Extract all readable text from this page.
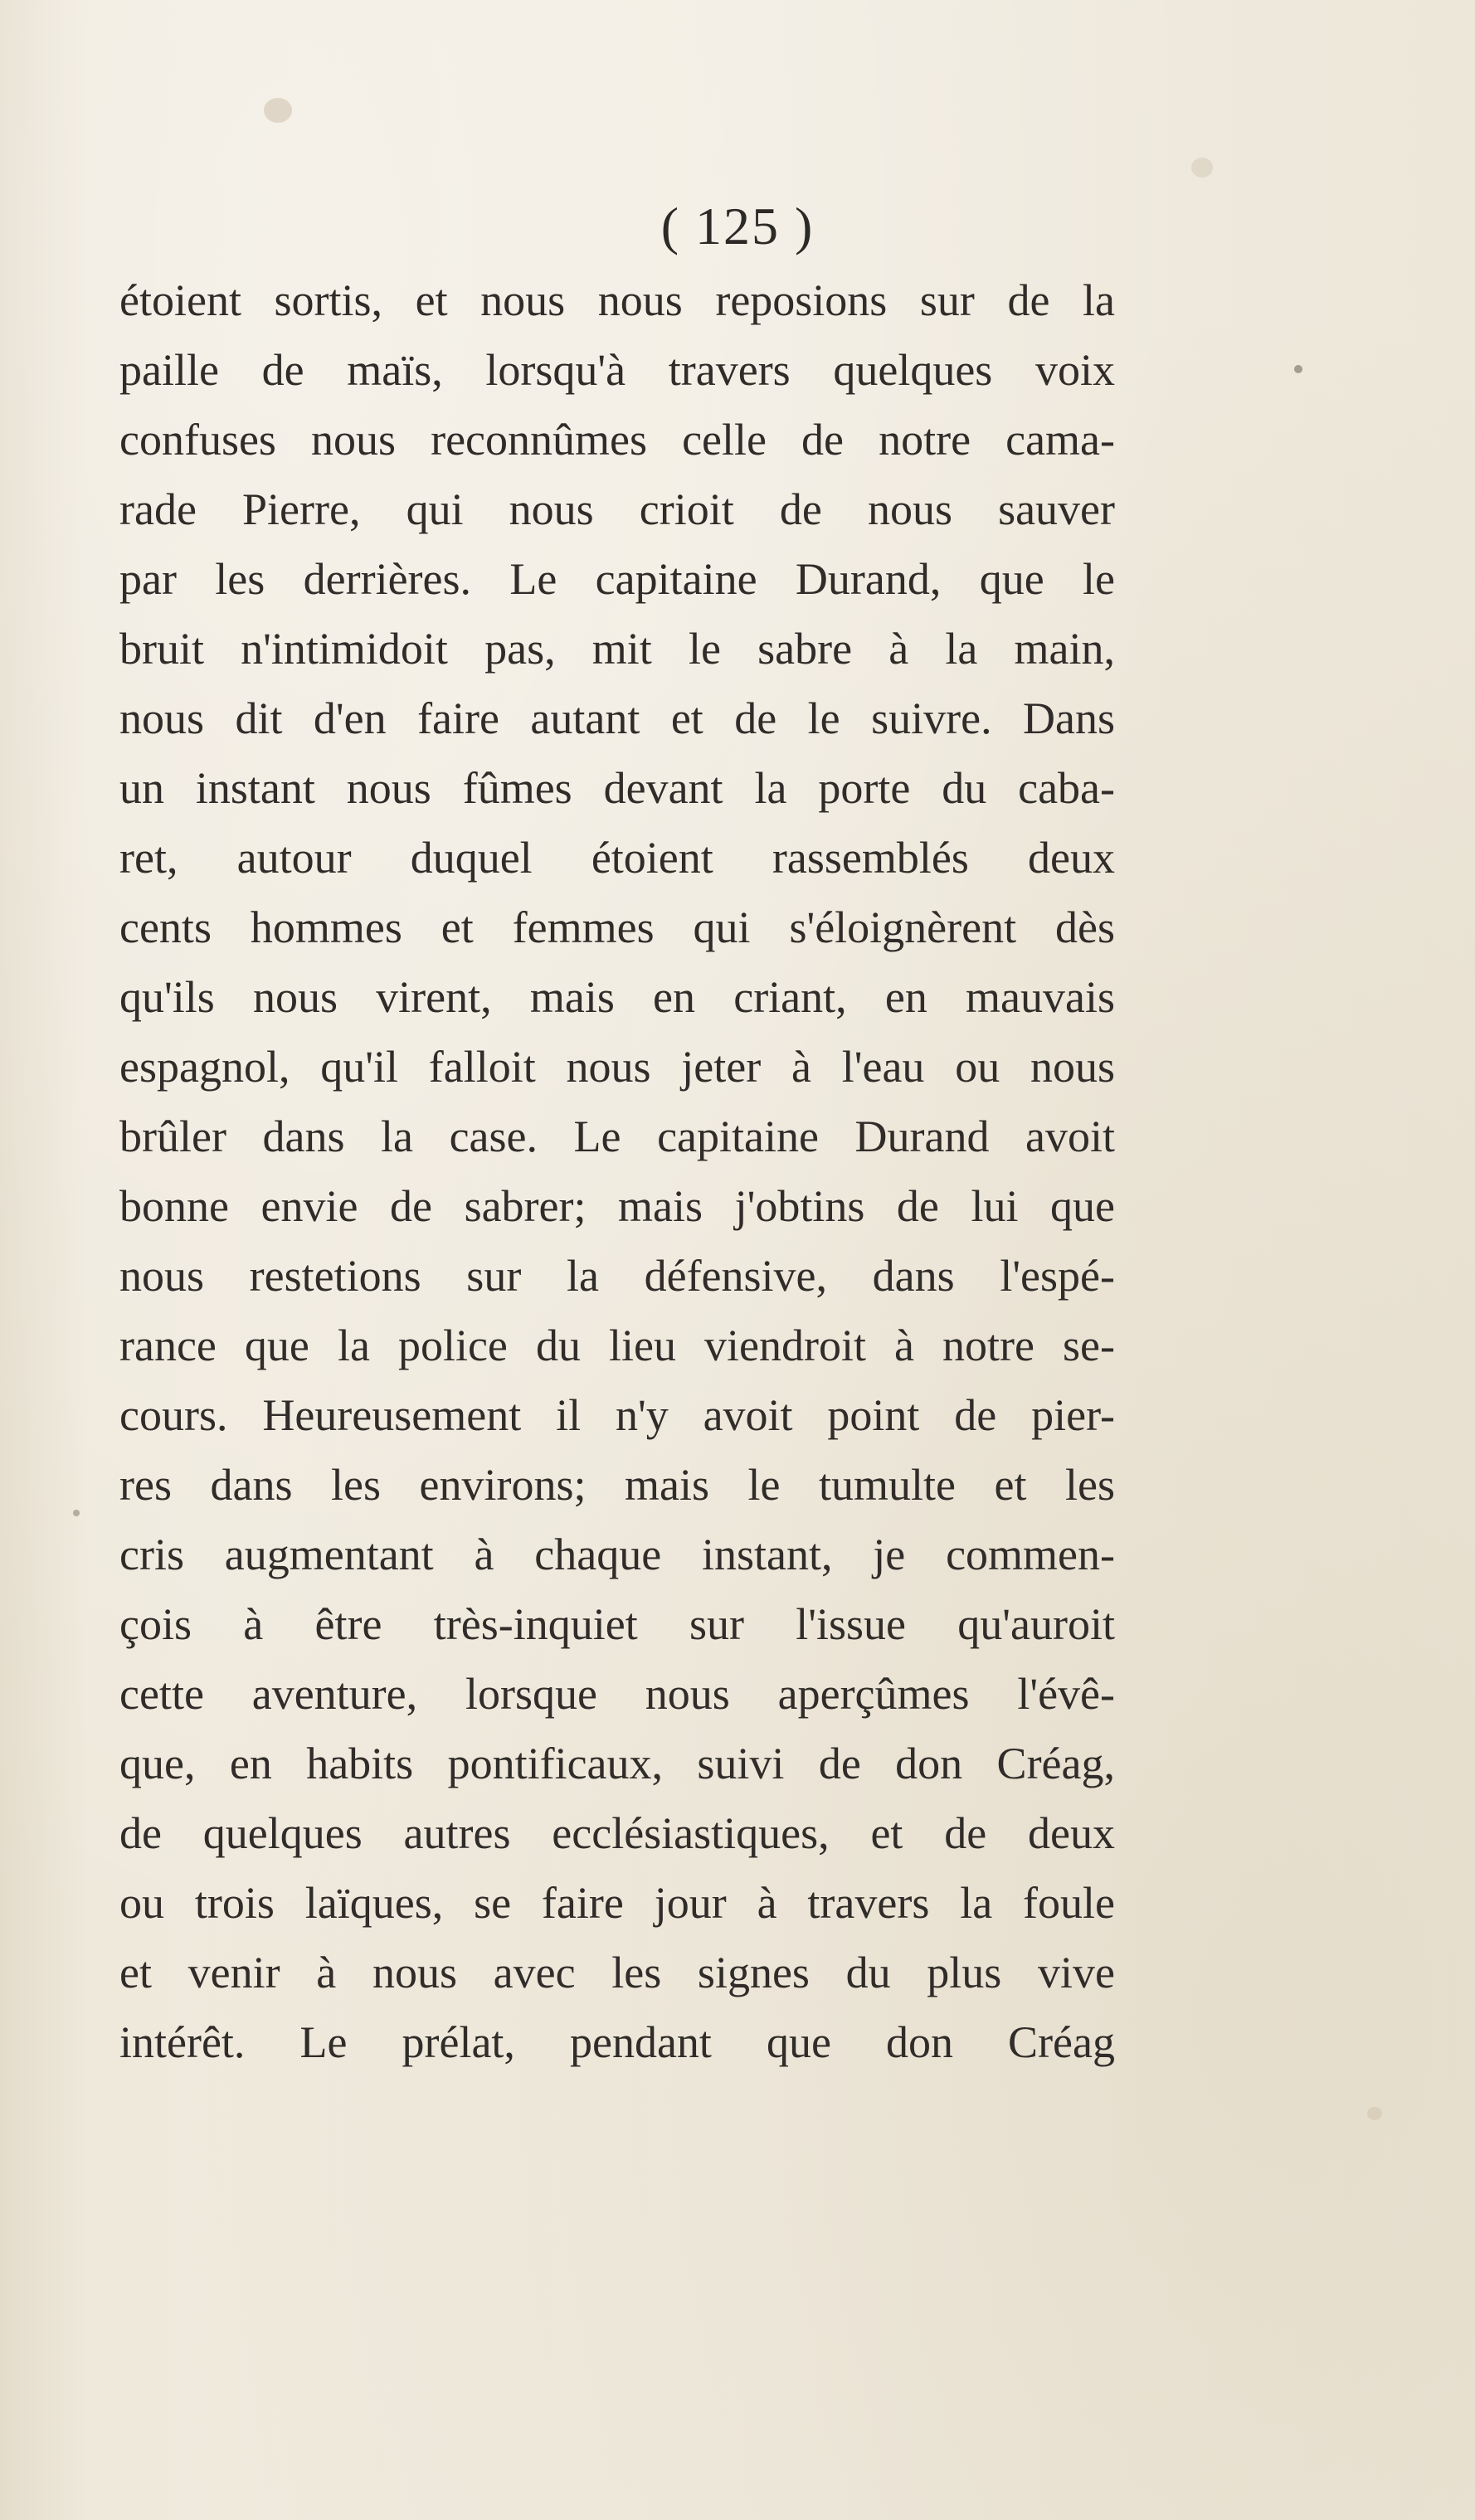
( 125 )
étoient sortis, et nous nous reposions sur de la
paille de maïs, lorsqu'à travers quelques voix
confuses nous reconnûmes celle de notre cama-
rade Pierre, qui nous crioit de nous sauver
par les derrières. Le capitaine Durand, que le
bruit n'intimidoit pas, mit le sabre à la main,
nous dit d'en faire autant et de le suivre. Dans
un instant nous fûmes devant la porte du caba-
ret, autour duquel étoient rassemblés deux
cents hommes et femmes qui s'éloignèrent dès
qu'ils nous virent, mais en criant, en mauvais
espagnol, qu'il falloit nous jeter à l'eau ou nous
brûler dans la case. Le capitaine Durand avoit
bonne envie de sabrer; mais j'obtins de lui que
nous restetions sur la défensive, dans l'espé-
rance que la police du lieu viendroit à notre se-
cours. Heureusement il n'y avoit point de pier-
res dans les environs; mais le tumulte et les
cris augmentant à chaque instant, je commen-
çois à être très-inquiet sur l'issue qu'auroit
cette aventure, lorsque nous aperçûmes l'évê-
que, en habits pontificaux, suivi de don Créag,
de quelques autres ecclésiastiques, et de deux
ou trois laïques, se faire jour à travers la foule
et venir à nous avec les signes du plus vive
intérêt. Le prélat, pendant que don Créag
